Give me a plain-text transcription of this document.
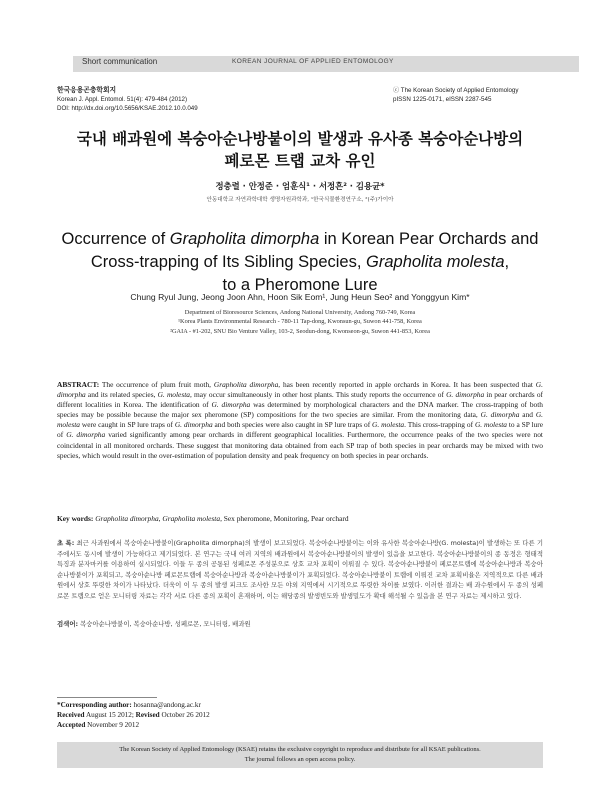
Short communication	KOREAN JOURNAL OF APPLIED ENTOMOLOGY
한국응용곤충학회지
Korean J. Appl. Entomol. 51(4): 479-484 (2012)
DOI: http://dx.doi.org/10.5656/KSAE.2012.10.0.049
ⓒ The Korean Society of Applied Entomology
pISSN 1225-0171, eISSN 2287-545
국내 배과원에 복숭아순나방붙이의 발생과 유사종 복숭아순나방의
페로몬 트랩 교차 유인
정충렬 · 안정준 · 엄훈식¹ · 서정흔² · 김용균*
안동대학교 자연과학대학 생명자원과학과, ¹한국식물환경연구소, ²(주)가이아
Occurrence of Grapholita dimorpha in Korean Pear Orchards and
Cross-trapping of Its Sibling Species, Grapholita molesta,
to a Pheromone Lure
Chung Ryul Jung, Jeong Joon Ahn, Hoon Sik Eom¹, Jung Heun Seo² and Yonggyun Kim*
Department of Bioresource Sciences, Andong National University, Andong 760-749, Korea
¹Korea Plants Environmental Research - 780-11 Tap-dong, Kwonsun-gu, Suwon 441-758, Korea
²GAIA - #1-202, SNU Bio Venture Valley, 103-2, Seodun-dong, Kwonseon-gu, Suwon 441-853, Korea
ABSTRACT: The occurrence of plum fruit moth, Grapholita dimorpha, has been recently reported in apple orchards in Korea. It has been suspected that G. dimorpha and its related species, G. molesta, may occur simultaneously in other host plants. This study reports the occurrence of G. dimorpha in pear orchards of different localities in Korea. The identification of G. dimorpha was determined by morphological characters and the DNA marker. The cross-trapping of both species may be possible because the major sex pheromone (SP) compositions for the two species are similar. From the monitoring data, G. dimorpha and G. molesta were caught in SP lure traps of G. dimorpha and both species were also caught in SP lure traps of G. molesta. This cross-trapping of G. molesta to a SP lure of G. dimorpha varied significantly among pear orchards in different geographical localities. Furthermore, the occurrence peaks of the two species were not coincidental in all monitored orchards. These suggest that monitoring data obtained from each SP trap of both species in pear orchards may be mixed with two species, which would result in the over-estimation of population density and peak frequency on both species in pear orchards.
Key words: Grapholita dimorpha, Grapholita molesta, Sex pheromone, Monitoring, Pear orchard
초 록: 최근 사과원에서 복숭아순나방붙이(Grapholita dimorpha)의 발생이 보고되었다. 복숭아순나방붙이는 이와 유사한 복숭아순나방(G. molesta)이 발생하는 또 다른 기주에서도 동시에 발생이 가능하다고 제기되었다. 본 연구는 국내 여러 지역의 배과원에서 복숭아순나방붙이의 발생이 있음을 보고한다. 복숭아순나방붙이의 종 동정은 형태적 특징과 분자마커를 이용하여 실시되었다. 이들 두 종의 공통된 성페로몬 주성분으로 상호 교차 포획이 이뤄질 수 있다. 복숭아순나방붙이 페로몬트랩에 복숭아순나방과 복숭아순나방붙이가 포획되고, 복숭아순나방 페로몬트랩에 복숭아순나방과 복숭아순나방붙이가 포획되었다. 복숭아순나방붙이 트랩에 이뤄진 교차 포획비율은 지역적으로 다른 배과원에서 상호 뚜렷한 차이가 나타났다. 더욱이 이 두 종의 발생 피크도 조사한 모든 야외 지역에서 시기적으로 뚜렷한 차이를 보였다. 이러한 결과는 배 과수원에서 두 종의 성페로몬 트랩으로 얻은 모니터링 자료는 각각 서로 다른 종의 포획이 혼재하며, 이는 해당종의 발생빈도와 발생밀도가 확대 해석될 수 있음을 본 연구 자료는 제시하고 있다.
검색어: 복숭아순나방붙이, 복숭아순나방, 성페로몬, 모니터링, 배과원
*Corresponding author: hosanna@andong.ac.kr
Received August 15 2012; Revised October 26 2012
Accepted November 9 2012
The Korean Society of Applied Entomology (KSAE) retains the exclusive copyright to reproduce and distribute for all KSAE publications.
The journal follows an open access policy.
